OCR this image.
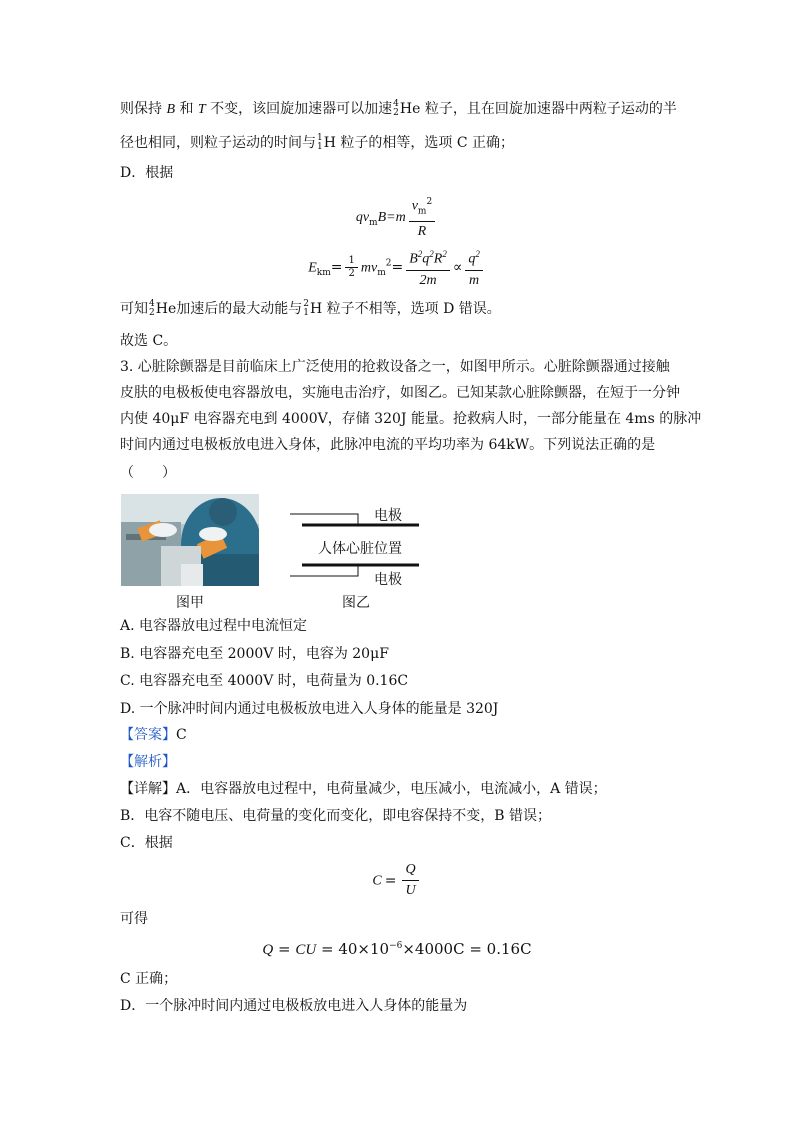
则保持 B 和 T 不变，该回旋加速器可以加速 4
2 He 粒子，且在回旋加速器中两粒子运动的半
径也相同，则粒子运动的时间与 1
1 H 粒子的相等，选项 C 正确；
D．根据
$qv_mB=m \frac{v_m^2}{R}$
$E_{km}= \frac{1}{2} mv_m^2= \frac{B^2q^2R^2}{2m} \propto \frac{q^2}{m}$
可知 4
2 He加速后的最大动能与 2
1 H 粒子不相等，选项 D 错误。
故选 C。
3. 心脏除颤器是目前临床上广泛使用的抢救设备之一，如图甲所示。心脏除颤器通过接触
皮肤的电极板使电容器放电，实施电击治疗，如图乙。已知某款心脏除颤器，在短于一分钟
内使 40μF 电容器充电到 4000V，存储 320J 能量。抢救病人时，一部分能量在 4ms 的脉冲
时间内通过电极板放电进入身体，此脉冲电流的平均功率为 64kW。下列说法正确的是
（　　）
电极
人体心脏位置
电极
图甲	图乙
A. 电容器放电过程中电流恒定
B. 电容器充电至 2000V 时，电容为 20μF
C. 电容器充电至 4000V 时，电荷量为 0.16C
D. 一个脉冲时间内通过电极板放电进入人身体的能量是 320J
【答案】C
【解析】
【详解】A．电容器放电过程中，电荷量减少，电压减小，电流减小，A 错误；
B．电容不随电压、电荷量的变化而变化，即电容保持不变，B 错误；
C．根据
$C = \frac{Q}{U}$
可得
Q = CU = $40\times 10^{-6}\times 4000C = 0.16C$
C 正确；
D．一个脉冲时间内通过电极板放电进入人身体的能量为
